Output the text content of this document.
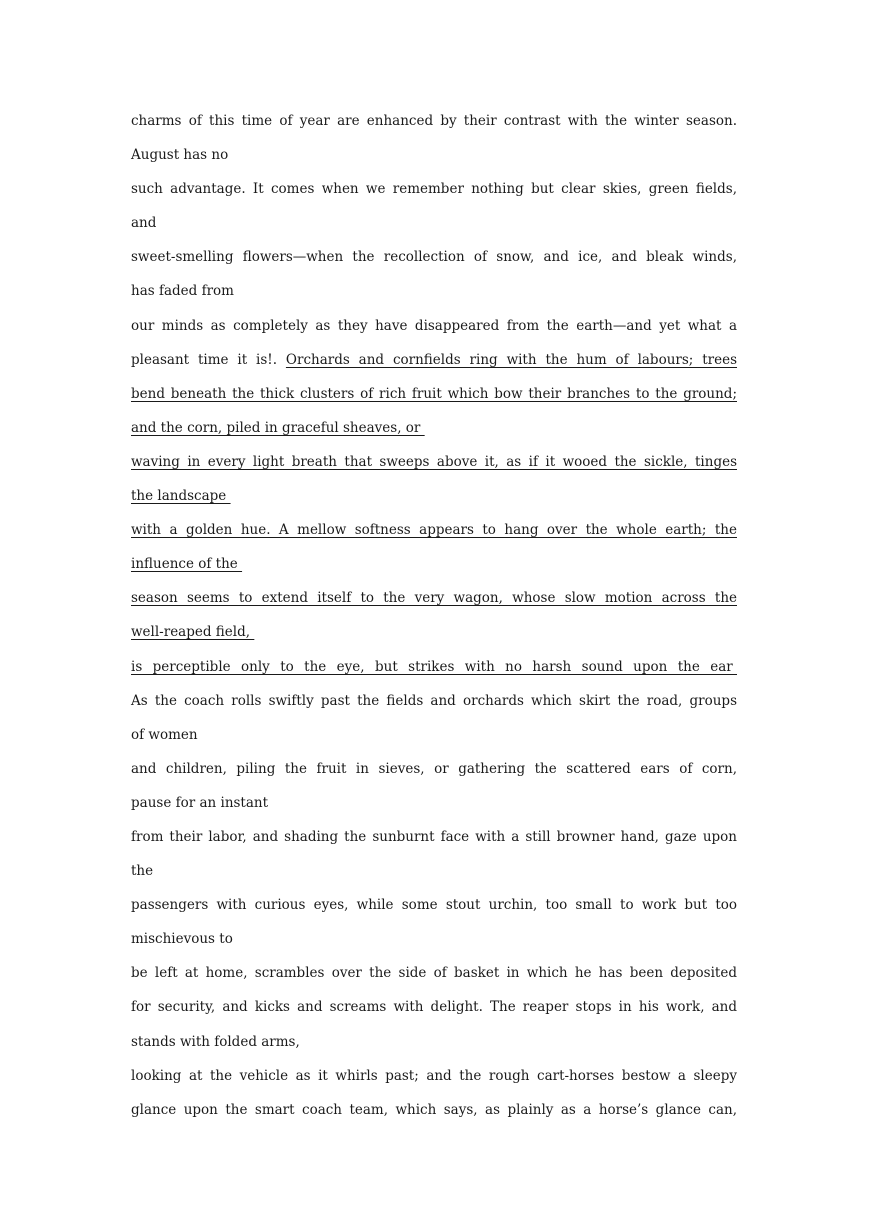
charms of this time of year are enhanced by their contrast with the winter season.
August has no
such advantage. It comes when we remember nothing but clear skies, green fields,
and
sweet-smelling flowers—when the recollection of snow, and ice, and bleak winds,
has faded from
our minds as completely as they have disappeared from the earth—and yet what a
pleasant time it is!. Orchards and cornfields ring with the hum of labours; trees
bend beneath the thick clusters of rich fruit which bow their branches to the ground;
and the corn, piled in graceful sheaves, or
waving in every light breath that sweeps above it, as if it wooed the sickle, tinges
the landscape
with a golden hue. A mellow softness appears to hang over the whole earth; the
influence of the
season seems to extend itself to the very wagon, whose slow motion across the
well-reaped field,
is perceptible only to the eye, but strikes with no harsh sound upon the ear
As the coach rolls swiftly past the fields and orchards which skirt the road, groups
of women
and children, piling the fruit in sieves, or gathering the scattered ears of corn,
pause for an instant
from their labor, and shading the sunburnt face with a still browner hand, gaze upon
the
passengers with curious eyes, while some stout urchin, too small to work but too
mischievous to
be left at home, scrambles over the side of basket in which he has been deposited
for security, and kicks and screams with delight. The reaper stops in his work, and
stands with folded arms,
looking at the vehicle as it whirls past; and the rough cart-horses bestow a sleepy
glance upon the smart coach team, which says, as plainly as a horse’s glance can,
